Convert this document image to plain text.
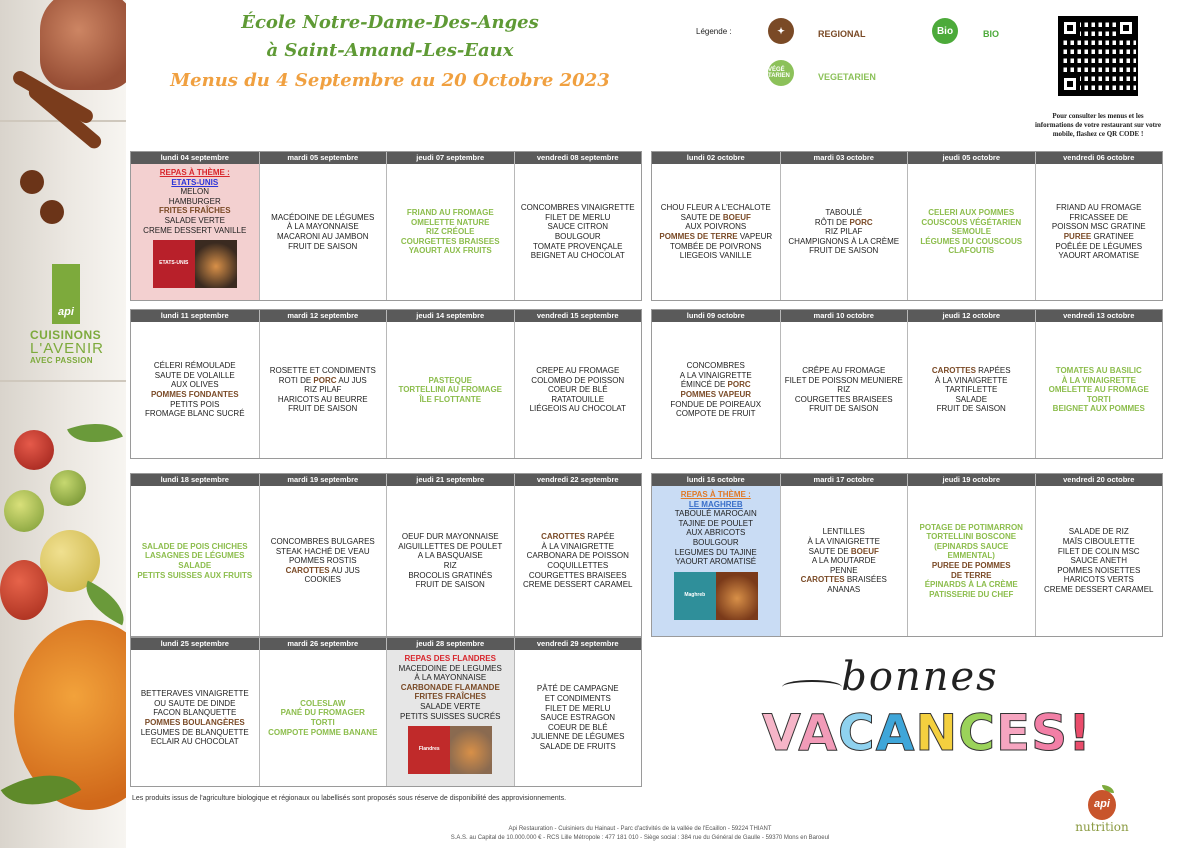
api
CUISINONS
L'AVENIR
AVEC PASSION
École Notre-Dame-Des-Anges
à Saint-Amand-Les-Eaux
Menus du 4 Septembre au 20 Octobre 2023
Légende :	✦	REGIONAL	Bio	BIO
VÉGÉ TARIEN	VEGETARIEN
Pour consulter les menus et les informations de votre restaurant sur votre mobile, flashez ce QR CODE !
lundi 04 septembre
REPAS À THÈME :
ETATS-UNIS
MELON
HAMBURGER
FRITES FRAÎCHES
SALADE VERTE
CREME DESSERT VANILLE
ETATS-UNIS
mardi 05 septembre
MACÉDOINE DE LÉGUMES
À LA MAYONNAISE
MACARONI AU JAMBON
FRUIT DE SAISON
jeudi 07 septembre
FRIAND AU FROMAGE
OMELETTE NATURE
RIZ CRÉOLE
COURGETTES BRAISEES
YAOURT AUX FRUITS
vendredi 08 septembre
CONCOMBRES VINAIGRETTE
FILET DE MERLU
SAUCE CITRON
BOULGOUR
TOMATE PROVENÇALE
BEIGNET AU CHOCOLAT
lundi 02 octobre
CHOU FLEUR A L'ECHALOTE
SAUTE DE BOEUF
AUX POIVRONS
POMMES DE TERRE VAPEUR
TOMBÉE DE POIVRONS
LIEGEOIS VANILLE
mardi 03 octobre
TABOULÉ
RÔTI DE PORC
RIZ PILAF
CHAMPIGNONS À LA CRÈME
FRUIT DE SAISON
jeudi 05 octobre
CELERI AUX POMMES
COUSCOUS VÉGÉTARIEN
SEMOULE
LÉGUMES DU COUSCOUS
CLAFOUTIS
vendredi 06 octobre
FRIAND AU FROMAGE
FRICASSEE DE
POISSON MSC GRATINE
PUREE GRATINEE
POÊLÉE DE LÉGUMES
YAOURT AROMATISE
lundi 11 septembre
CÉLERI RÉMOULADE
SAUTE DE VOLAILLE
AUX OLIVES
POMMES FONDANTES
PETITS POIS
FROMAGE BLANC SUCRÉ
mardi 12 septembre
ROSETTE ET CONDIMENTS
ROTI DE PORC AU JUS
RIZ PILAF
HARICOTS AU BEURRE
FRUIT DE SAISON
jeudi 14 septembre
PASTEQUE
TORTELLINI AU FROMAGE
ÎLE FLOTTANTE
vendredi 15 septembre
CREPE AU FROMAGE
COLOMBO DE POISSON
COEUR DE BLÉ
RATATOUILLE
LIÉGEOIS AU CHOCOLAT
lundi 09 octobre
CONCOMBRES
A LA VINAIGRETTE
ÉMINCÉ DE PORC
POMMES VAPEUR
FONDUE DE POIREAUX
COMPOTE DE FRUIT
mardi 10 octobre
CRÊPE AU FROMAGE
FILET DE POISSON MEUNIERE
RIZ
COURGETTES BRAISEES
FRUIT DE SAISON
jeudi 12 octobre
CAROTTES RAPÉES
À LA VINAIGRETTE
TARTIFLETTE
SALADE
FRUIT DE SAISON
vendredi 13 octobre
TOMATES AU BASILIC
À LA VINAIGRETTE
OMELETTE AU FROMAGE
TORTI
BEIGNET AUX POMMES
lundi 18 septembre
SALADE DE POIS CHICHES
LASAGNES DE LÉGUMES
SALADE
PETITS SUISSES AUX FRUITS
mardi 19 septembre
CONCOMBRES BULGARES
STEAK HACHÉ DE VEAU
POMMES ROSTIS
CAROTTES AU JUS
COOKIES
jeudi 21 septembre
OEUF DUR MAYONNAISE
AIGUILLETTES DE POULET
A LA BASQUAISE
RIZ
BROCOLIS GRATINÉS
FRUIT DE SAISON
vendredi 22 septembre
CAROTTES RAPÉE
À LA VINAIGRETTE
CARBONARA DE POISSON
COQUILLETTES
COURGETTES BRAISEES
CREME DESSERT CARAMEL
lundi 16 octobre
REPAS À THÈME :
LE MAGHREB
TABOULÉ MAROCAIN
TAJINE DE POULET
AUX ABRICOTS
BOULGOUR
LEGUMES DU TAJINE
YAOURT AROMATISÉ
Maghreb
mardi 17 octobre
LENTILLES
À LA VINAIGRETTE
SAUTE DE BOEUF
A LA MOUTARDE
PENNE
CAROTTES BRAISÉES
ANANAS
jeudi 19 octobre
POTAGE DE POTIMARRON
TORTELLINI BOSCONE
(EPINARDS SAUCE
EMMENTAL)
PUREE DE POMMES
DE TERRE
ÉPINARDS À LA CRÈME
PATISSERIE DU CHEF
vendredi 20 octobre
SALADE DE RIZ
MAÏS CIBOULETTE
FILET DE COLIN MSC
SAUCE ANETH
POMMES NOISETTES
HARICOTS VERTS
CREME DESSERT CARAMEL
lundi 25 septembre
BETTERAVES VINAIGRETTE
OU SAUTE DE DINDE
FACON BLANQUETTE
POMMES BOULANGÈRES
LEGUMES DE BLANQUETTE
ECLAIR AU CHOCOLAT
mardi 26 septembre
COLESLAW
PANÉ DU FROMAGER
TORTI
COMPOTE POMME BANANE
jeudi 28 septembre
REPAS DES FLANDRES
MACEDOINE DE LEGUMES
À LA MAYONNAISE
CARBONADE FLAMANDE
FRITES FRAÎCHES
SALADE VERTE
PETITS SUISSES SUCRÉS
Flandres
vendredi 29 septembre
PÂTÉ DE CAMPAGNE
ET CONDIMENTS
FILET DE MERLU
SAUCE ESTRAGON
COEUR DE BLÉ
JULIENNE DE LÉGUMES
SALADE DE FRUITS
bonnes
VACANCES!
Les produits issus de l'agriculture biologique et régionaux ou labellisés sont proposés sous réserve de disponibilité des approvisionnements.
Api Restauration - Cuisiniers du Hainaut - Parc d'activités de la vallée de l'Ecaillon - 59224 THIANT
S.A.S. au Capital de 10.000.000 € - RCS Lille Métropole : 477 181 010 - Siège social : 384 rue du Général de Gaulle - 59370 Mons en Baroeul
api
nutrition
